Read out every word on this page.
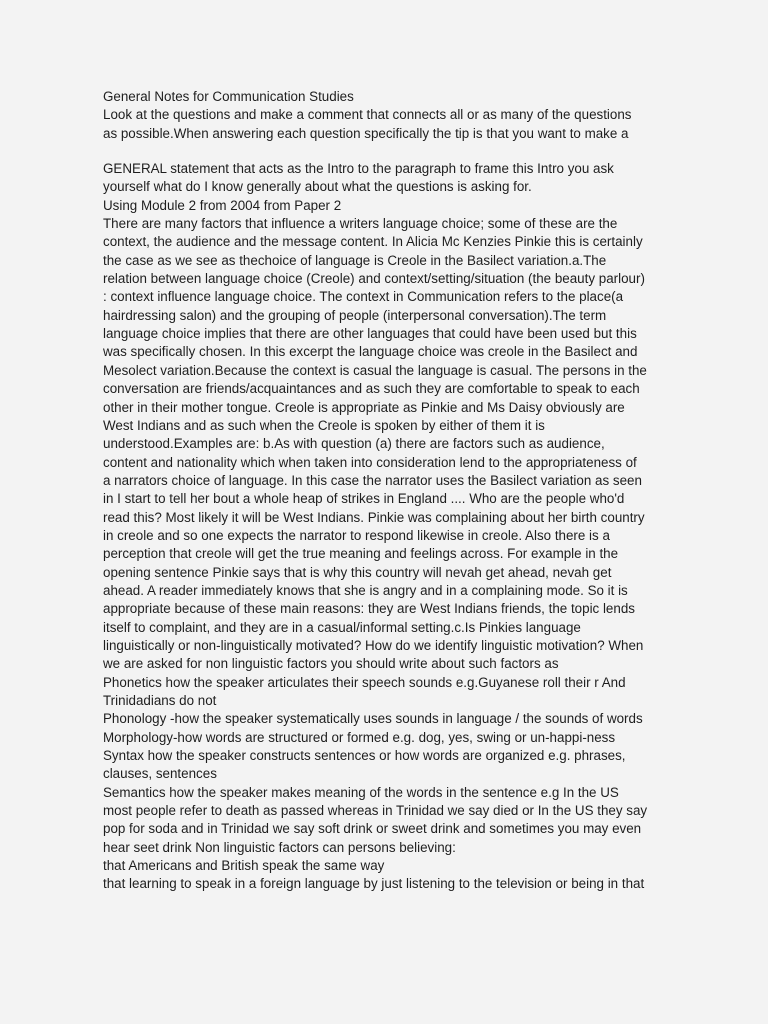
General Notes for Communication Studies
Look at the questions and make a comment that connects all or as many of the questions
as possible.When answering each question specifically the tip is that you want to make a
GENERAL statement that acts as the Intro to the paragraph to frame this Intro you ask
yourself what do I know generally about what the questions is asking for.
Using Module 2 from 2004 from Paper 2
There are many factors that influence a writers language choice; some of these are the
context, the audience and the message content. In Alicia Mc Kenzies Pinkie this is certainly
the case as we see as thechoice of language is Creole in the Basilect variation.a.The
relation between language choice (Creole) and context/setting/situation (the beauty parlour)
: context influence language choice. The context in Communication refers to the place(a
hairdressing salon) and the grouping of people (interpersonal conversation).The term
language choice implies that there are other languages that could have been used but this
was specifically chosen. In this excerpt the language choice was creole in the Basilect and
Mesolect variation.Because the context is casual the language is casual. The persons in the
conversation are friends/acquaintances and as such they are comfortable to speak to each
other in their mother tongue. Creole is appropriate as Pinkie and Ms Daisy obviously are
West Indians and as such when the Creole is spoken by either of them it is
understood.Examples are: b.As with question (a) there are factors such as audience,
content and nationality which when taken into consideration lend to the appropriateness of
a narrators choice of language. In this case the narrator uses the Basilect variation as seen
in I start to tell her bout a whole heap of strikes in England .... Who are the people who'd
read this? Most likely it will be West Indians. Pinkie was complaining about her birth country
in creole and so one expects the narrator to respond likewise in creole. Also there is a
perception that creole will get the true meaning and feelings across. For example in the
opening sentence Pinkie says that is why this country will nevah get ahead, nevah get
ahead. A reader immediately knows that she is angry and in a complaining mode. So it is
appropriate because of these main reasons: they are West Indians friends, the topic lends
itself to complaint, and they are in a casual/informal setting.c.Is Pinkies language
linguistically or non-linguistically motivated? How do we identify linguistic motivation? When
we are asked for non linguistic factors you should write about such factors as
Phonetics how the speaker articulates their speech sounds e.g.Guyanese roll their r And
Trinidadians do not
Phonology -how the speaker systematically uses sounds in language / the sounds of words
Morphology-how words are structured or formed e.g. dog, yes, swing or un-happi-ness
Syntax how the speaker constructs sentences or how words are organized e.g. phrases,
clauses, sentences
Semantics how the speaker makes meaning of the words in the sentence e.g In the US
most people refer to death as passed whereas in Trinidad we say died or In the US they say
pop for soda and in Trinidad we say soft drink or sweet drink and sometimes you may even
hear seet drink Non linguistic factors can persons believing:
that Americans and British speak the same way
that learning to speak in a foreign language by just listening to the television or being in that
